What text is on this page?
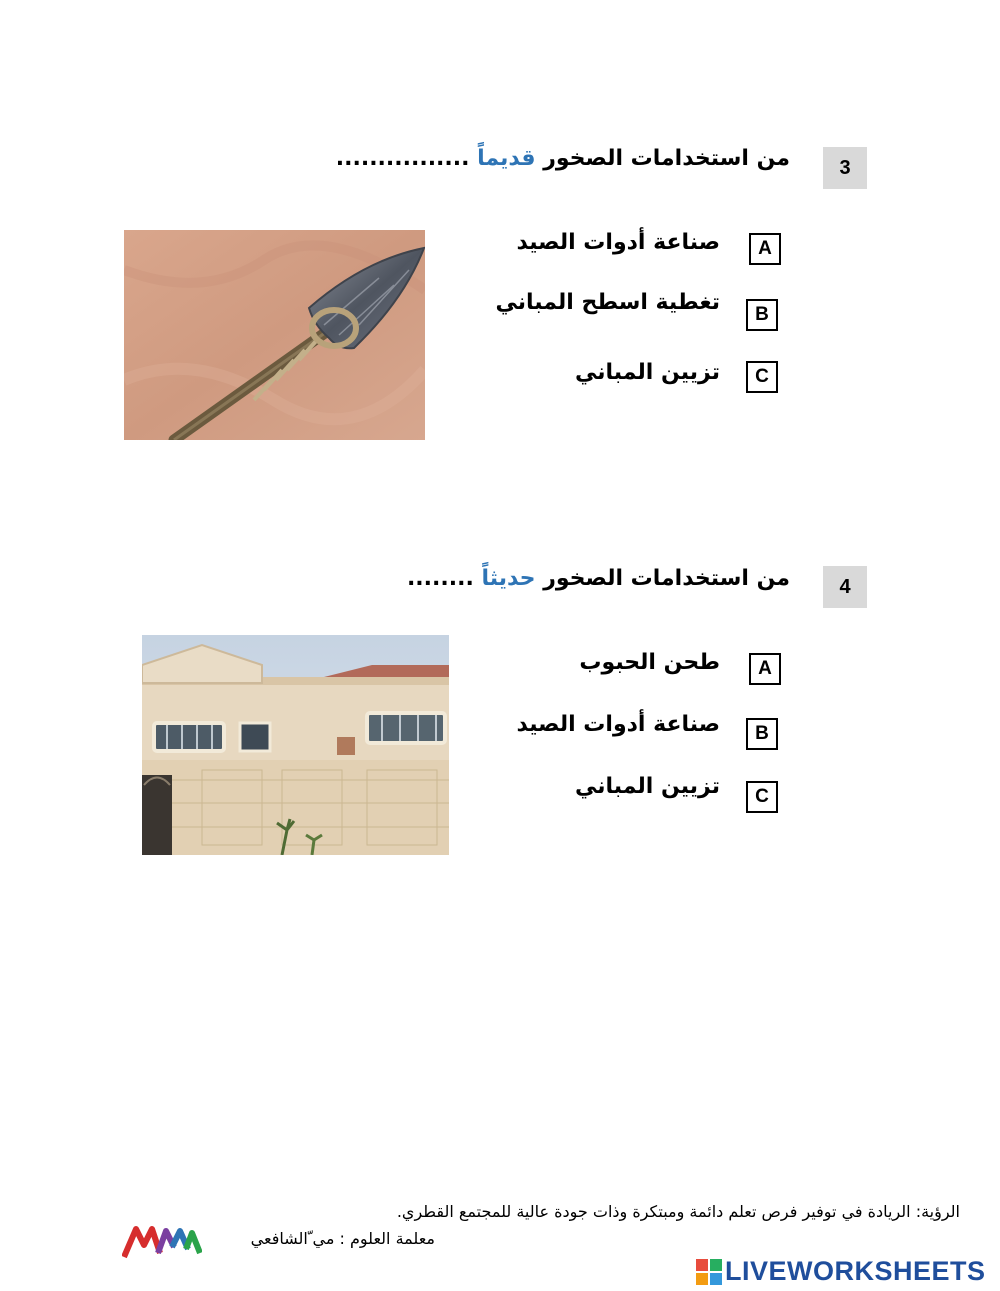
3
من استخدامات الصخور قديماً ................
A
صناعة أدوات الصيد
B
تغطية اسطح المباني
C
تزيين المباني
4
من استخدامات الصخور حديثاً ........
A
طحن الحبوب
B
صناعة أدوات الصيد
C
تزيين المباني
الرؤية: الريادة في توفير فرص تعلم دائمة ومبتكرة وذات جودة عالية للمجتمع القطري.
معلمة العلوم : مي ّالشافعي
LIVEWORKSHEETS
